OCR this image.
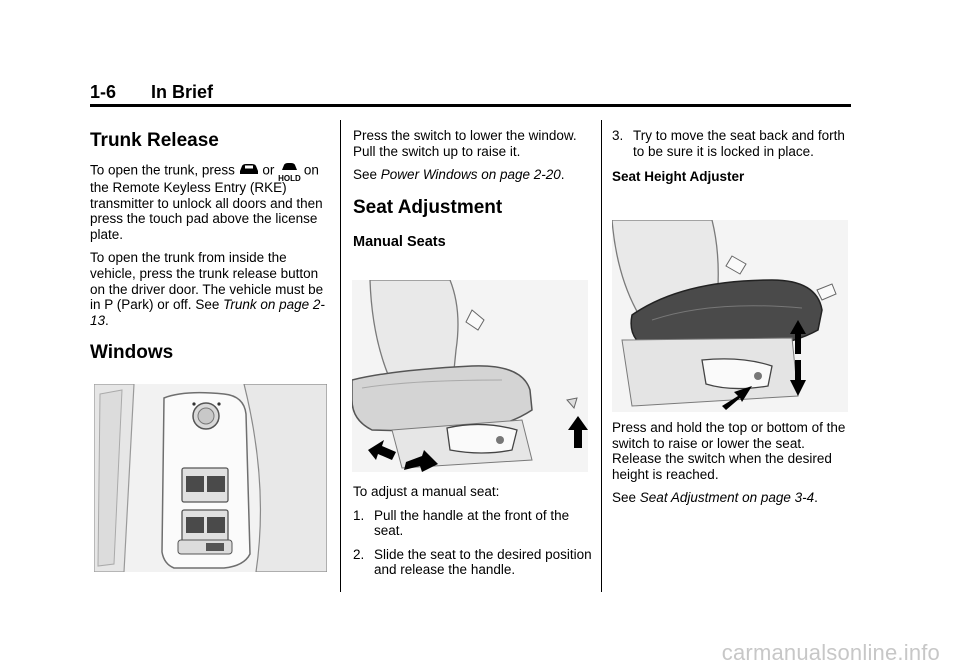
1-6 In Brief
Trunk Release

To open the trunk, press or
HOLD
on the Remote Keyless Entry (RKE) transmitter to unlock all doors and then press the touch pad above the license plate.

To open the trunk from inside the vehicle, press the trunk release button on the driver door. The vehicle must be in P (Park) or off. See Trunk on page 2-13.

Windows

Press the switch to lower the window. Pull the switch up to raise it.

See Power Windows on page 2-20.

Seat Adjustment
Manual Seats

To adjust a manual seat:

1. Pull the handle at the front of the seat.
2. Slide the seat to the desired position and release the handle.
3. Try to move the seat back and forth to be sure it is locked in place.

Seat Height Adjuster

Press and hold the top or bottom of the switch to raise or lower the seat. Release the switch when the desired height is reached.

See Seat Adjustment on page 3-4.

carmanualsonline.info
